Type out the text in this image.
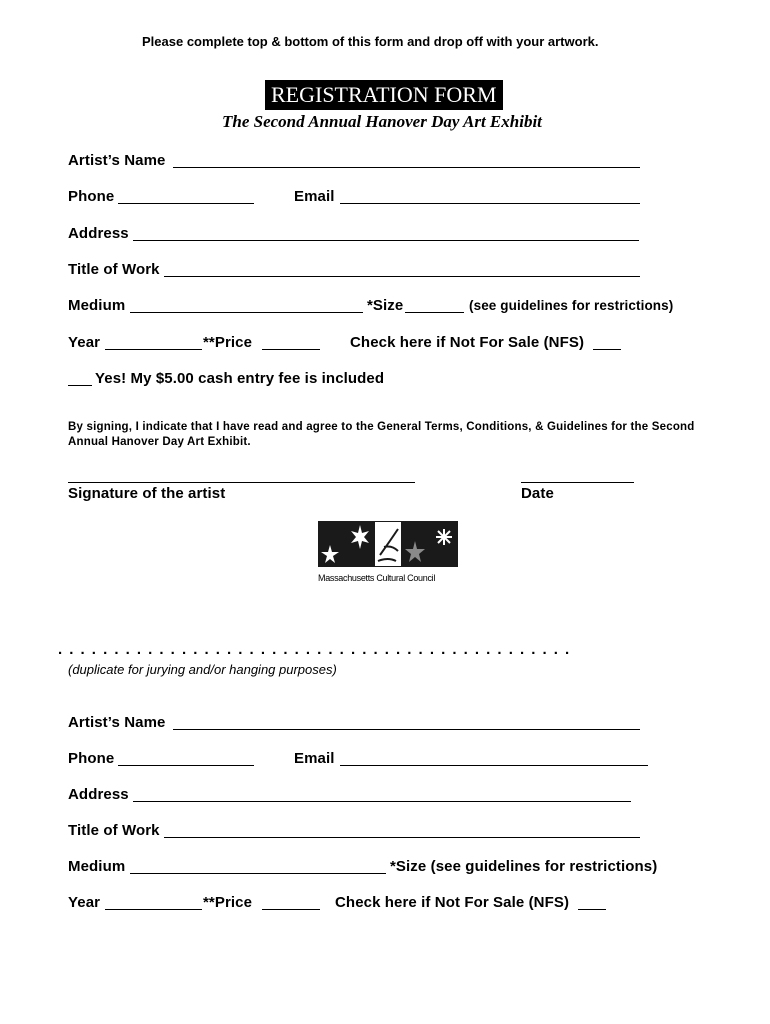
Please complete top & bottom of this form and drop off with your artwork.
REGISTRATION FORM
The Second Annual Hanover Day Art Exhibit
Artist’s Name
Phone	Email
Address
Title of Work
Medium	*Size	(see guidelines for restrictions)
Year	**Price	Check here if Not For Sale (NFS)
Yes! My $5.00 cash entry fee is included
By signing, I indicate that I have read and agree to the General Terms, Conditions, & Guidelines for the Second Annual Hanover Day Art Exhibit.
Signature of the artist	Date
Massachusetts Cultural Council
..............................................
(duplicate for jurying and/or hanging purposes)
Artist’s Name
Phone	Email
Address
Title of Work
Medium	*Size (see guidelines for restrictions)
Year	**Price	Check here if Not For Sale (NFS)
